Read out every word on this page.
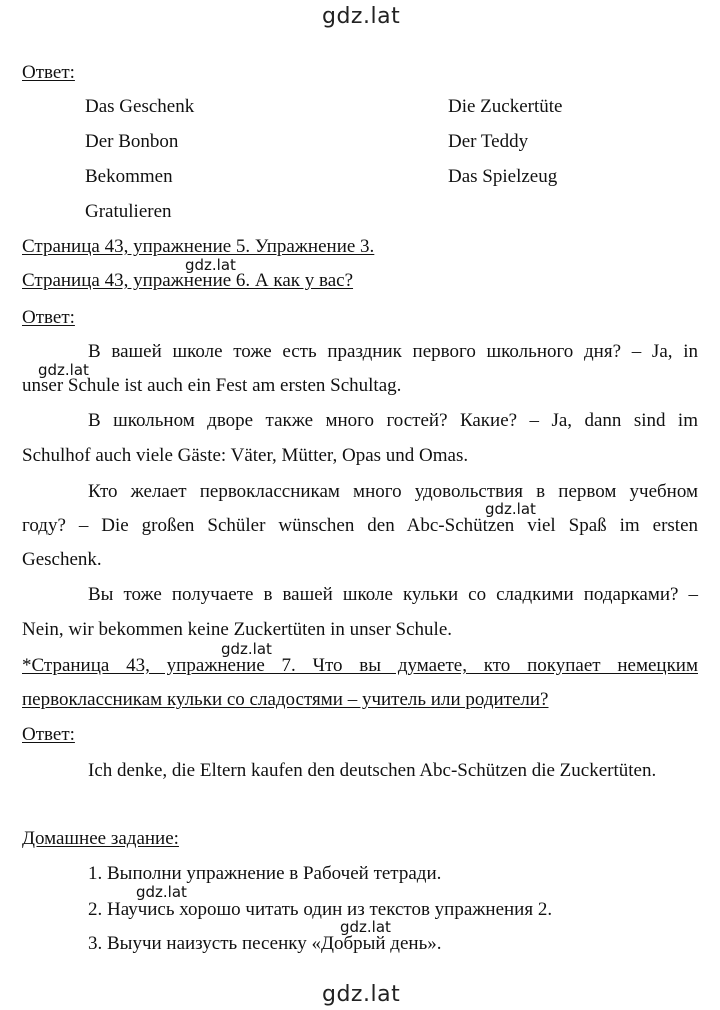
gdz.lat
Ответ:
Das Geschenk
Der Bonbon
Bekommen
Gratulieren
Die Zuckertüte
Der Teddy
Das Spielzeug
Страница 43, упражнение 5. Упражнение 3.
gdz.lat
Страница 43, упражнение 6. А как у вас?
Ответ:
В вашей школе тоже есть праздник первого школьного дня? – Ja, in
gdz.lat
unser Schule ist auch ein Fest am ersten Schultag.
В школьном дворе также много гостей? Какие? – Ja, dann sind im
Schulhof auch viele Gäste: Väter, Mütter, Opas und Omas.
Кто желает первоклассникам много удовольствия в первом учебном
gdz.lat
году? – Die großen Schüler wünschen den Abc-Schützen viel Spaß im ersten
Geschenk.
Вы тоже получаете в вашей школе кульки со сладкими подарками? –
Nein, wir bekommen keine Zuckertüten in unser Schule.
gdz.lat
*Страница 43, упражнение 7. Что вы думаете, кто покупает немецким
первоклассникам кульки со сладостями – учитель или родители?
Ответ:
Ich denke, die Eltern kaufen den deutschen Abc-Schützen die Zuckertüten.
Домашнее задание:
1. Выполни упражнение в Рабочей тетради.
gdz.lat
2. Научись хорошо читать один из текстов упражнения 2.
gdz.lat
3. Выучи наизусть песенку «Добрый день».
gdz.lat
